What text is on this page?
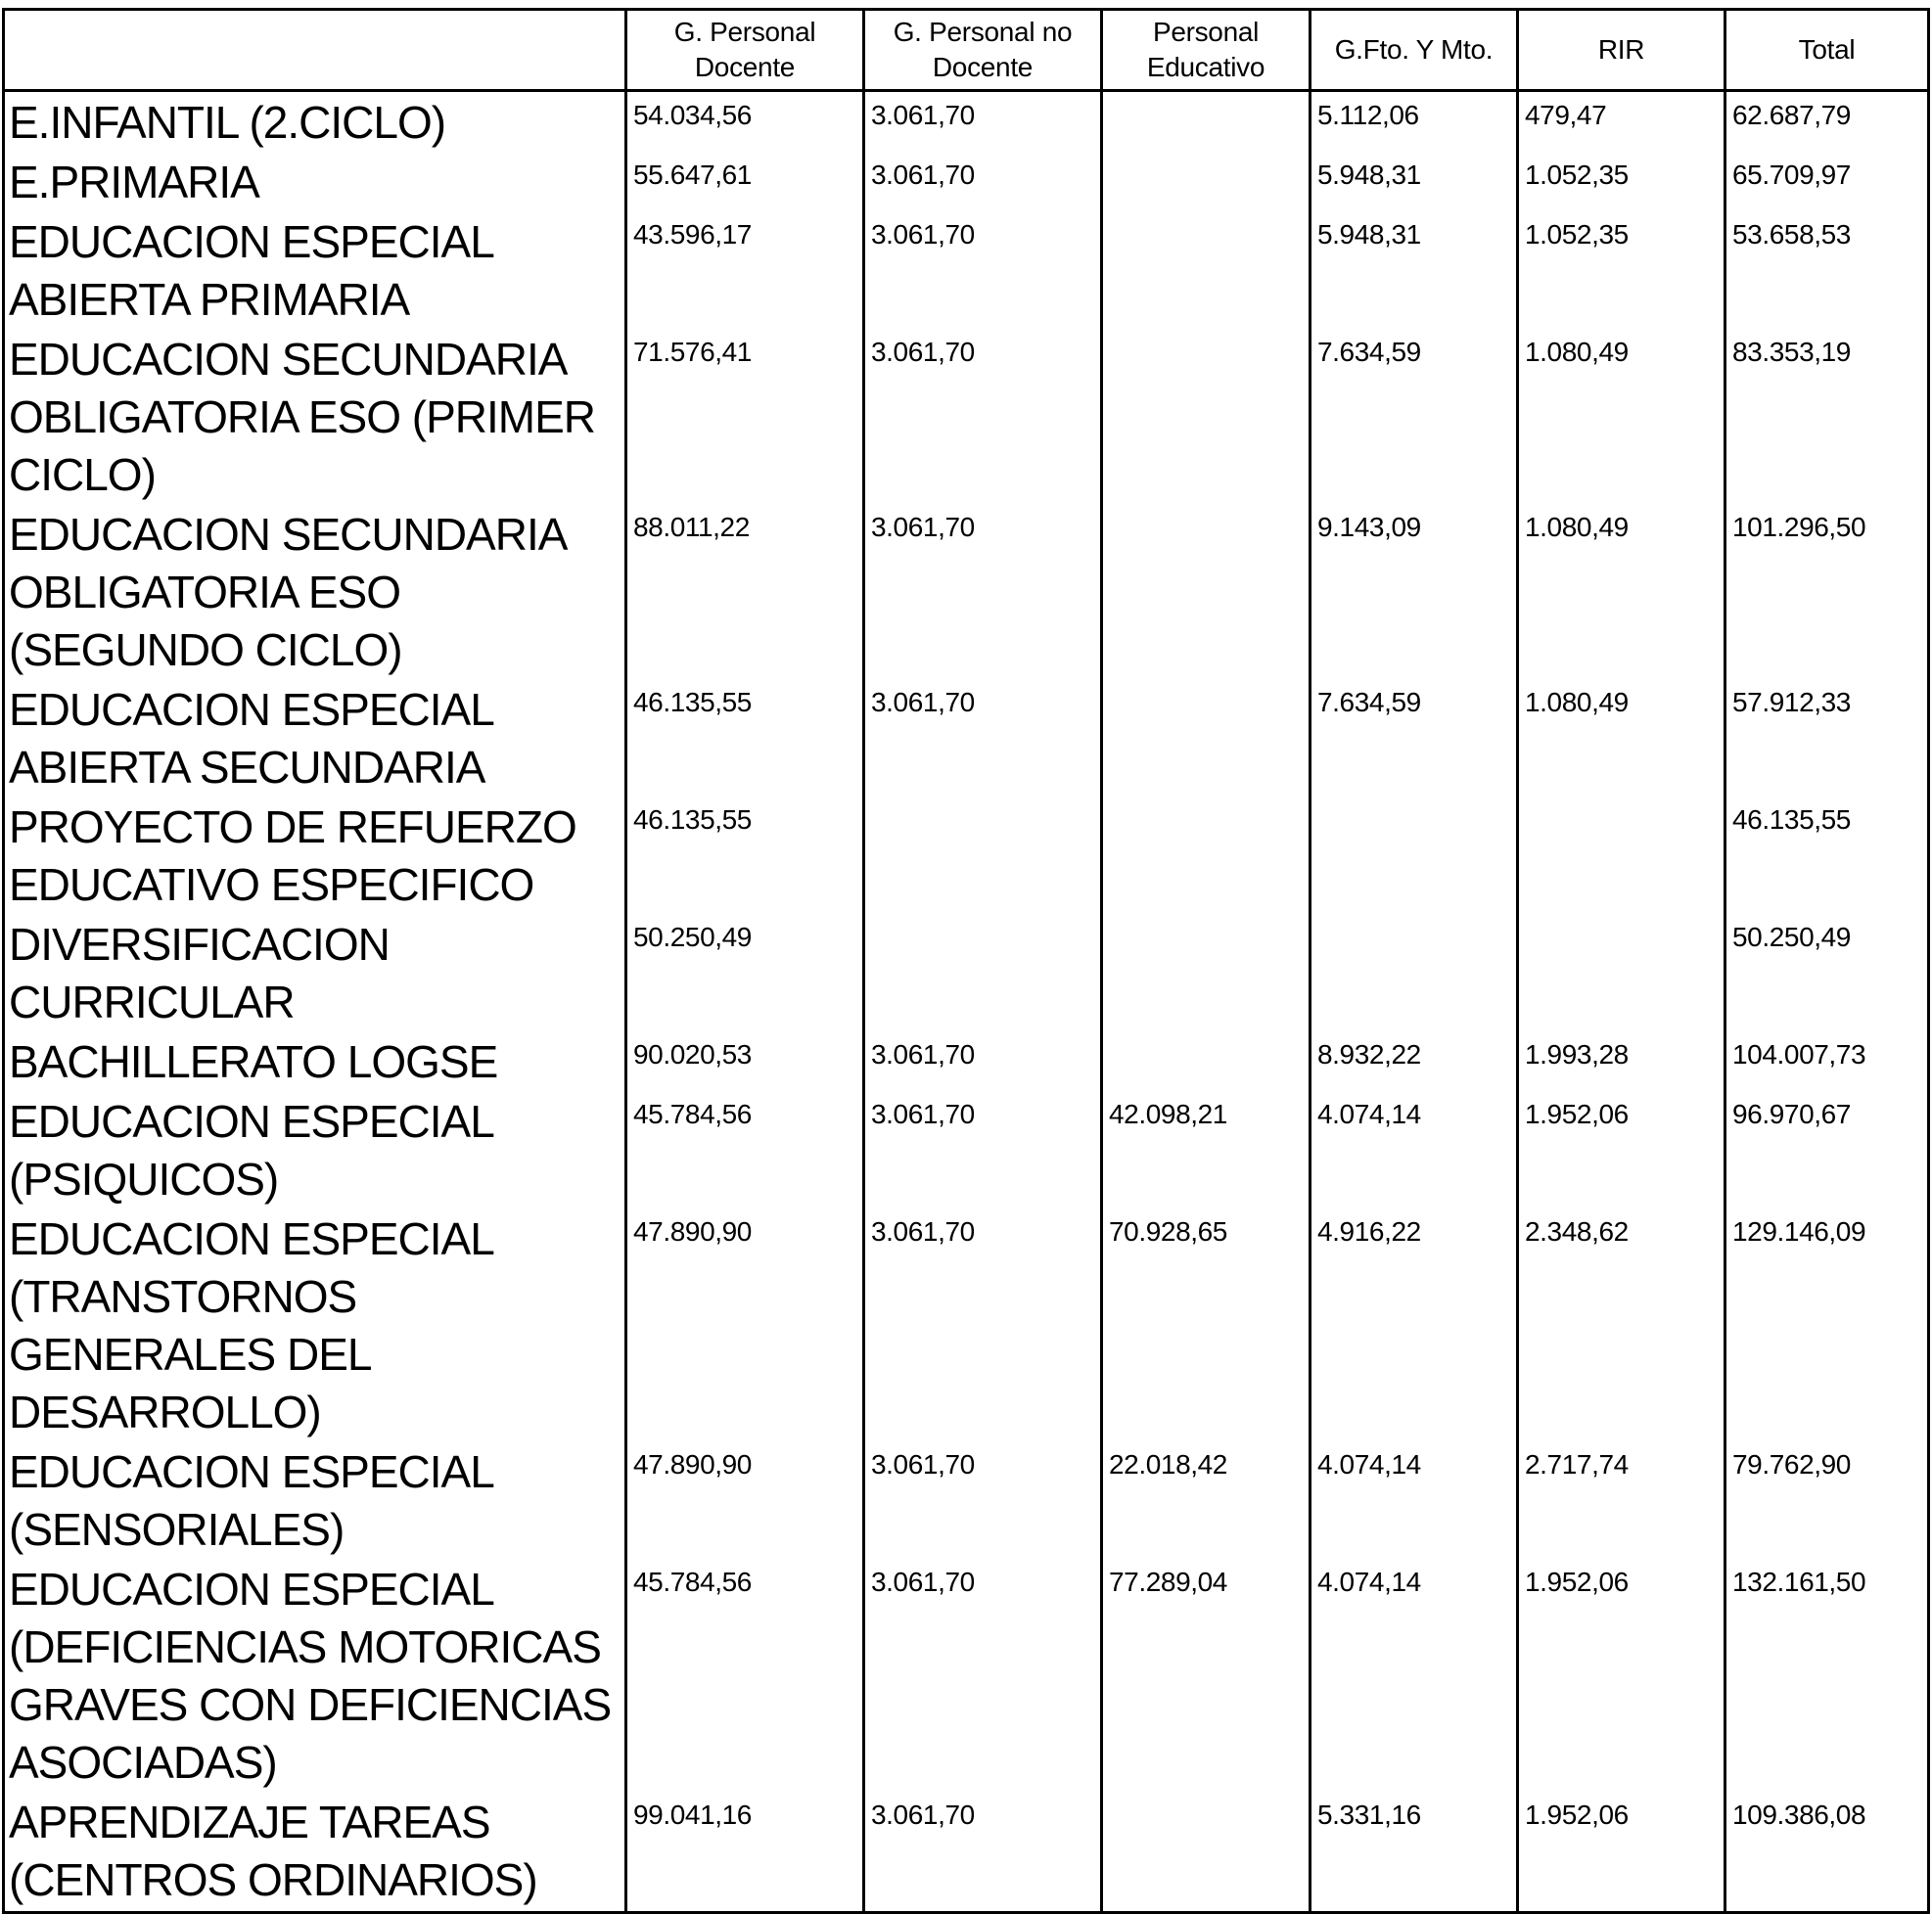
	G. Personal Docente	G. Personal no Docente	Personal Educativo	G.Fto. Y Mto.	RIR	Total
E.INFANTIL (2.CICLO)	54.034,56	3.061,70		5.112,06	479,47	62.687,79
E.PRIMARIA	55.647,61	3.061,70		5.948,31	1.052,35	65.709,97
EDUCACION ESPECIAL ABIERTA PRIMARIA	43.596,17	3.061,70		5.948,31	1.052,35	53.658,53
EDUCACION SECUNDARIA OBLIGATORIA ESO (PRIMER CICLO)	71.576,41	3.061,70		7.634,59	1.080,49	83.353,19
EDUCACION SECUNDARIA OBLIGATORIA ESO (SEGUNDO CICLO)	88.011,22	3.061,70		9.143,09	1.080,49	101.296,50
EDUCACION ESPECIAL ABIERTA SECUNDARIA	46.135,55	3.061,70		7.634,59	1.080,49	57.912,33
PROYECTO DE REFUERZO EDUCATIVO ESPECIFICO	46.135,55					46.135,55
DIVERSIFICACION CURRICULAR	50.250,49					50.250,49
BACHILLERATO LOGSE	90.020,53	3.061,70		8.932,22	1.993,28	104.007,73
EDUCACION ESPECIAL (PSIQUICOS)	45.784,56	3.061,70	42.098,21	4.074,14	1.952,06	96.970,67
EDUCACION ESPECIAL (TRANSTORNOS GENERALES DEL DESARROLLO)	47.890,90	3.061,70	70.928,65	4.916,22	2.348,62	129.146,09
EDUCACION ESPECIAL (SENSORIALES)	47.890,90	3.061,70	22.018,42	4.074,14	2.717,74	79.762,90
EDUCACION ESPECIAL (DEFICIENCIAS MOTORICAS GRAVES CON DEFICIENCIAS ASOCIADAS)	45.784,56	3.061,70	77.289,04	4.074,14	1.952,06	132.161,50
APRENDIZAJE TAREAS (CENTROS ORDINARIOS)	99.041,16	3.061,70		5.331,16	1.952,06	109.386,08
